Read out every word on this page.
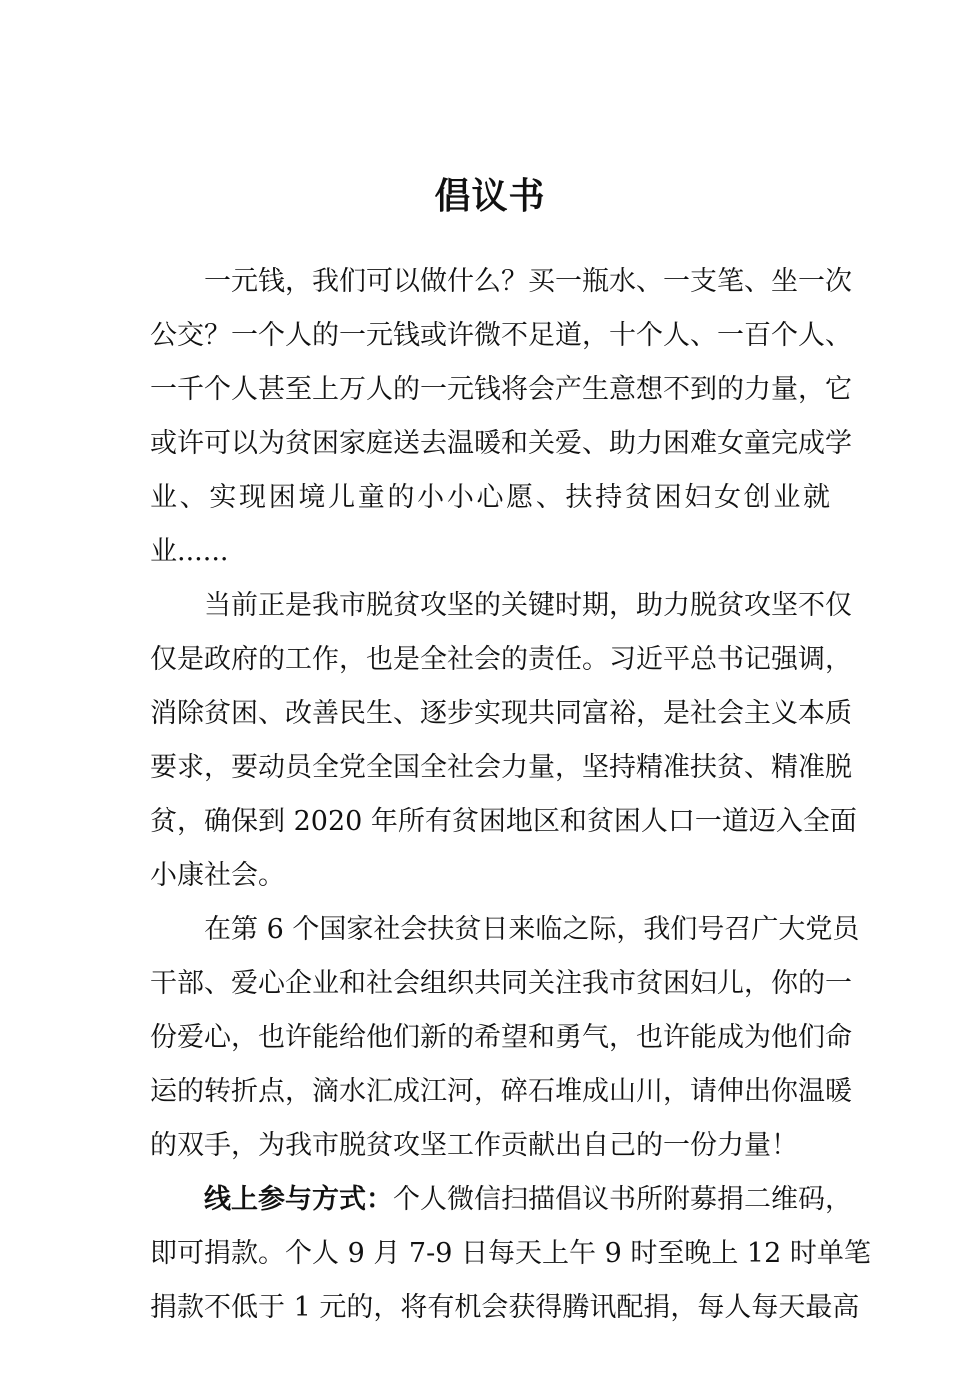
倡议书
一元钱，我们可以做什么？买一瓶水、一支笔、坐一次
公交？一个人的一元钱或许微不足道，十个人、一百个人、
一千个人甚至上万人的一元钱将会产生意想不到的力量，它
或许可以为贫困家庭送去温暖和关爱、助力困难女童完成学
业、实现困境儿童的小小心愿、扶持贫困妇女创业就
业......
当前正是我市脱贫攻坚的关键时期，助力脱贫攻坚不仅
仅是政府的工作，也是全社会的责任。习近平总书记强调，
消除贫困、改善民生、逐步实现共同富裕，是社会主义本质
要求，要动员全党全国全社会力量，坚持精准扶贫、精准脱
贫，确保到 2020 年所有贫困地区和贫困人口一道迈入全面
小康社会。
在第 6 个国家社会扶贫日来临之际，我们号召广大党员
干部、爱心企业和社会组织共同关注我市贫困妇儿，你的一
份爱心，也许能给他们新的希望和勇气，也许能成为他们命
运的转折点，滴水汇成江河，碎石堆成山川，请伸出你温暖
的双手，为我市脱贫攻坚工作贡献出自己的一份力量！
线上参与方式：个人微信扫描倡议书所附募捐二维码，
即可捐款。个人 9 月 7-9 日每天上午 9 时至晚上 12 时单笔
捐款不低于 1 元的，将有机会获得腾讯配捐，每人每天最高
